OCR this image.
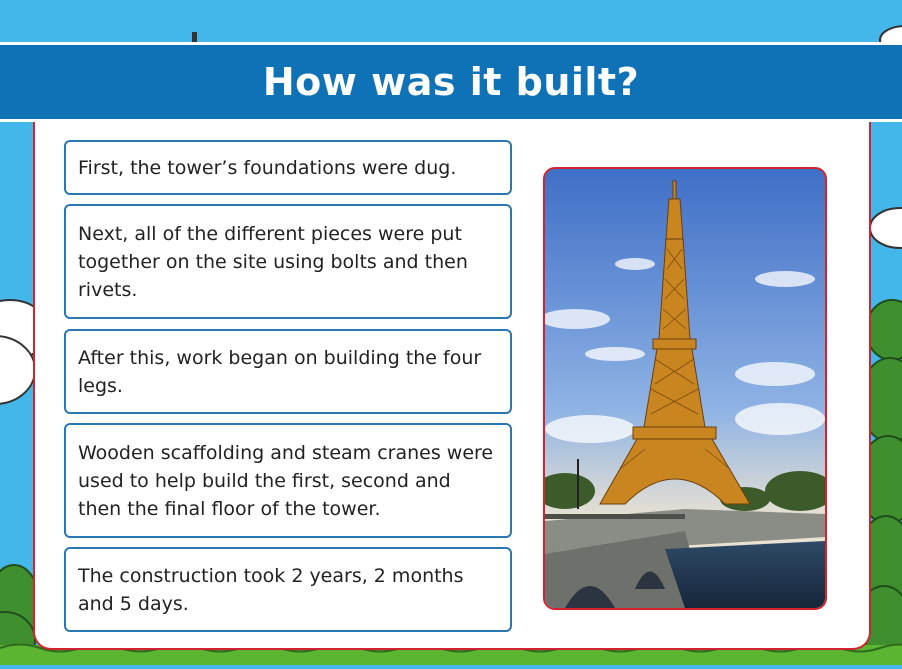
How was it built?
First, the tower’s foundations were dug.
Next, all of the different pieces were put together on the site using bolts and then rivets.
After this, work began on building the four legs.
Wooden scaffolding and steam cranes were used to help build the first, second and then the final floor of the tower.
The construction took 2 years, 2 months and 5 days.
